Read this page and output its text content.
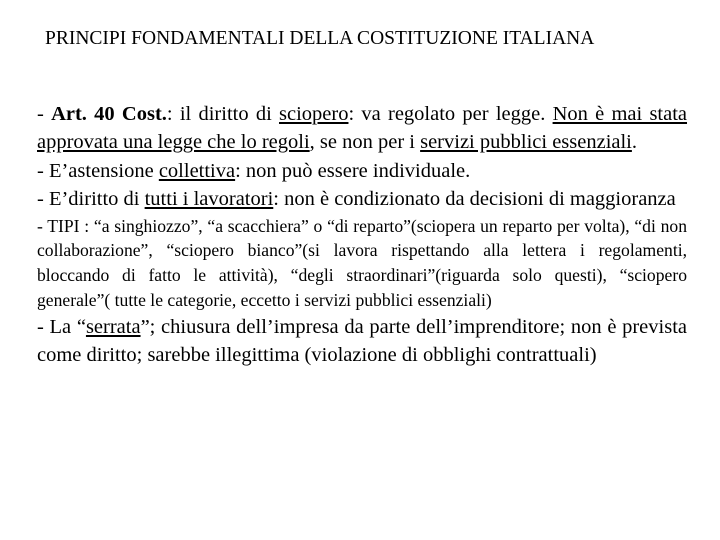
PRINCIPI FONDAMENTALI DELLA COSTITUZIONE ITALIANA

- Art. 40 Cost.: il diritto di sciopero: va regolato per legge. Non è mai stata approvata una legge che lo regoli, se non per i servizi pubblici essenziali.

- E’astensione collettiva: non può essere individuale.

- E’diritto di tutti i lavoratori: non è condizionato da decisioni di maggioranza

- TIPI : “a singhiozzo”, “a scacchiera” o “di reparto”(sciopera un reparto per volta), “di non collaborazione”, “sciopero bianco”(si lavora rispettando alla lettera i regolamenti, bloccando di fatto le attività), “degli straordinari”(riguarda solo questi), “sciopero generale”( tutte le categorie, eccetto i servizi pubblici essenziali)

- La “serrata”; chiusura dell’impresa da parte dell’imprenditore; non è prevista come diritto; sarebbe illegittima (violazione di obblighi contrattuali)
